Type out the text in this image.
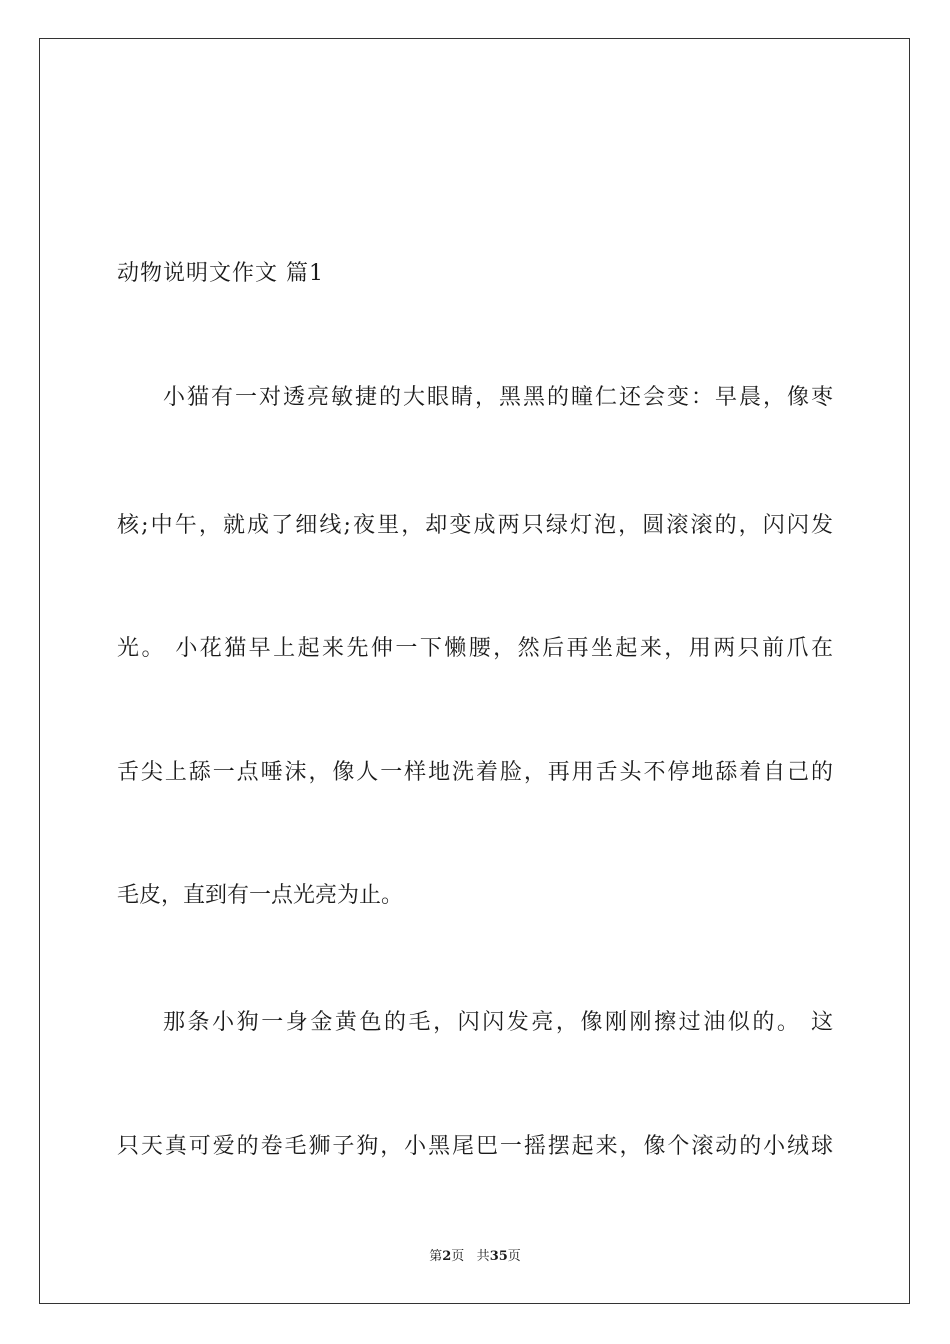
动物说明文作文 篇1
小猫有一对透亮敏捷的大眼睛，黑黑的瞳仁还会变：早晨，像枣
核;中午，就成了细线;夜里，却变成两只绿灯泡，圆滚滚的，闪闪发
光。 小花猫早上起来先伸一下懒腰，然后再坐起来，用两只前爪在
舌尖上舔一点唾沫，像人一样地洗着脸，再用舌头不停地舔着自己的
毛皮，直到有一点光亮为止。
那条小狗一身金黄色的毛，闪闪发亮，像刚刚擦过油似的。 这
只天真可爱的卷毛狮子狗，小黑尾巴一摇摆起来，像个滚动的小绒球
第2页 共35页
